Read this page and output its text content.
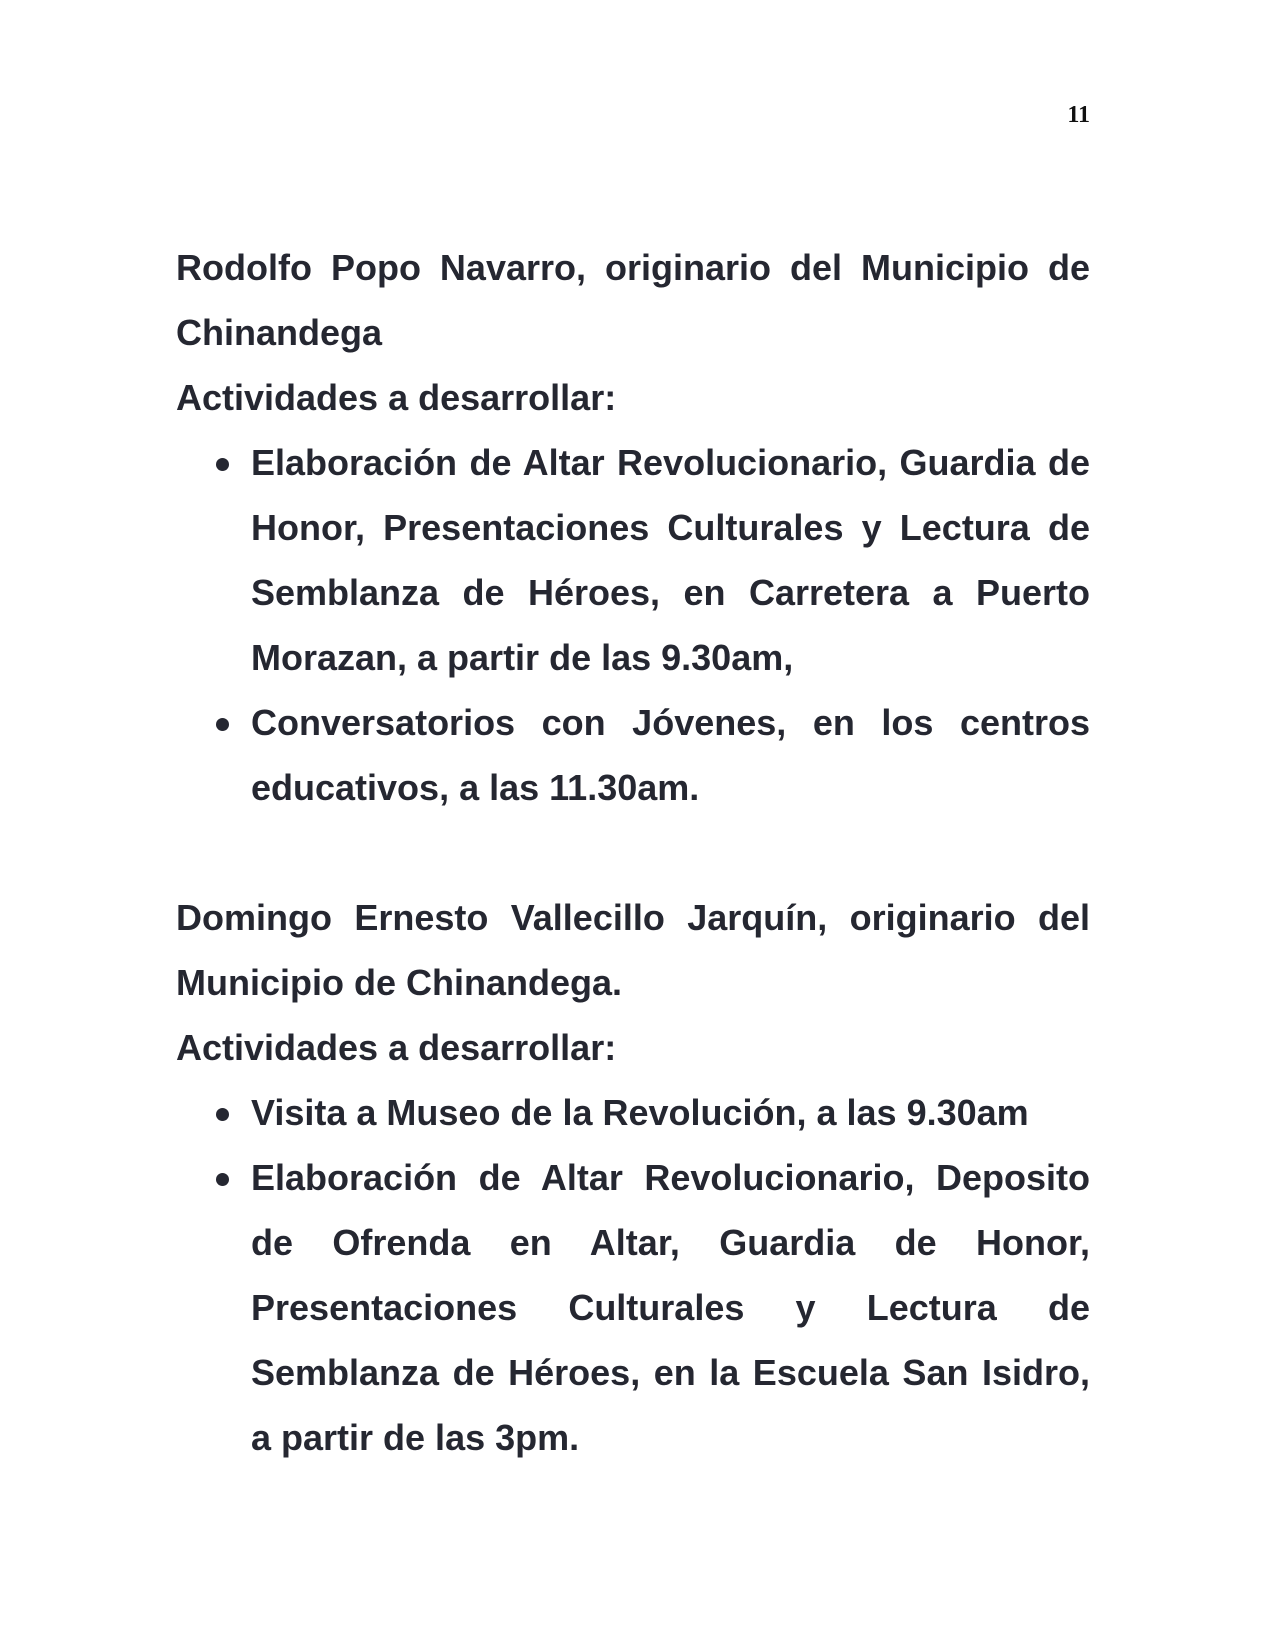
11

Rodolfo Popo Navarro, originario del Municipio de Chinandega

Actividades a desarrollar:

Elaboración de Altar Revolucionario, Guardia de Honor, Presentaciones Culturales y Lectura de Semblanza de Héroes, en Carretera a Puerto Morazan, a partir de las 9.30am,
Conversatorios con Jóvenes, en los centros educativos, a las 11.30am.

Domingo Ernesto Vallecillo Jarquín, originario del Municipio de Chinandega.

Actividades a desarrollar:

Visita a Museo de la Revolución, a las 9.30am
Elaboración de Altar Revolucionario, Deposito de Ofrenda en Altar, Guardia de Honor, Presentaciones Culturales y Lectura de Semblanza de Héroes, en la Escuela San Isidro, a partir de las 3pm.
